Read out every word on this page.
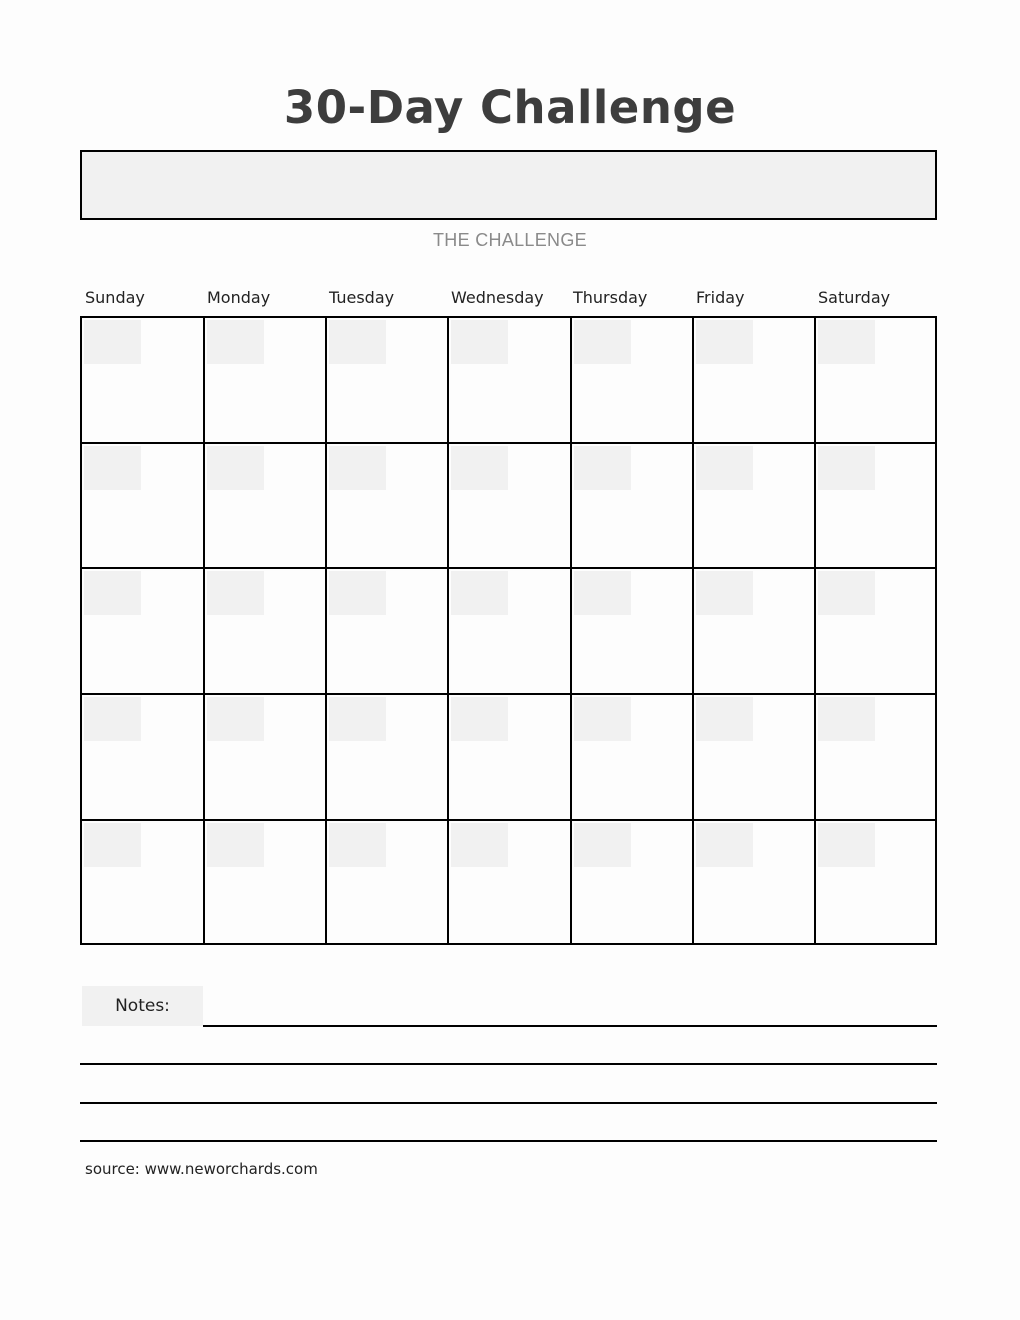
30-Day Challenge
THE CHALLENGE
Sunday	Monday	Tuesday	Wednesday Thursday	Friday	Saturday
Notes:
source: www.neworchards.com
